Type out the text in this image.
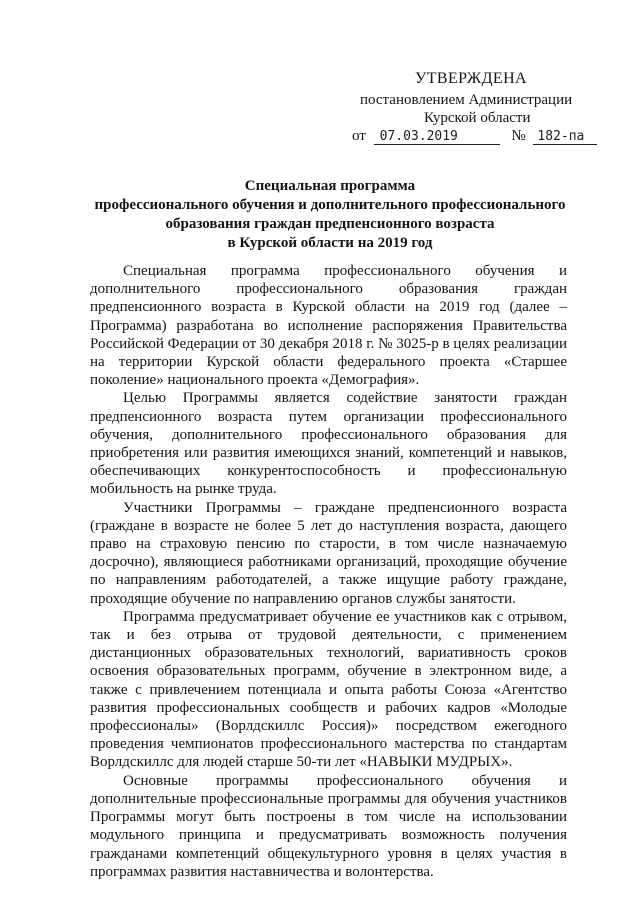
УТВЕРЖДЕНА
постановлением Администрации
Курской области
от 07.03.2019	№ 182-па
Специальная программа
профессионального обучения и дополнительного профессионального
образования граждан предпенсионного возраста
в Курской области на 2019 год

Специальная программа профессионального обучения и дополнительного профессионального образования граждан предпенсионного возраста в Курской области на 2019 год (далее – Программа) разработана во исполнение распоряжения Правительства Российской Федерации от 30 декабря 2018 г. № 3025-р в целях реализации на территории Курской области федерального проекта «Старшее поколение» национального проекта «Демография».

Целью Программы является содействие занятости граждан предпенсионного возраста путем организации профессионального обучения, дополнительного профессионального образования для приобретения или развития имеющихся знаний, компетенций и навыков, обеспечивающих конкурентоспособность и профессиональную мобильность на рынке труда.

Участники Программы – граждане предпенсионного возраста (граждане в возрасте не более 5 лет до наступления возраста, дающего право на страховую пенсию по старости, в том числе назначаемую досрочно), являющиеся работниками организаций, проходящие обучение по направлениям работодателей, а также ищущие работу граждане, проходящие обучение по направлению органов службы занятости.

Программа предусматривает обучение ее участников как с отрывом, так и без отрыва от трудовой деятельности, с применением дистанционных образовательных технологий, вариативность сроков освоения образовательных программ, обучение в электронном виде, а также с привлечением потенциала и опыта работы Союза «Агентство развития профессиональных сообществ и рабочих кадров «Молодые профессионалы» (Ворлдскиллс Россия)» посредством ежегодного проведения чемпионатов профессионального мастерства по стандартам Ворлдскиллс для людей старше 50-ти лет «НАВЫКИ МУДРЫХ».

Основные программы профессионального обучения и дополнительные профессиональные программы для обучения участников Программы могут быть построены в том числе на использовании модульного принципа и предусматривать возможность получения гражданами компетенций общекультурного уровня в целях участия в программах развития наставничества и волонтерства.
